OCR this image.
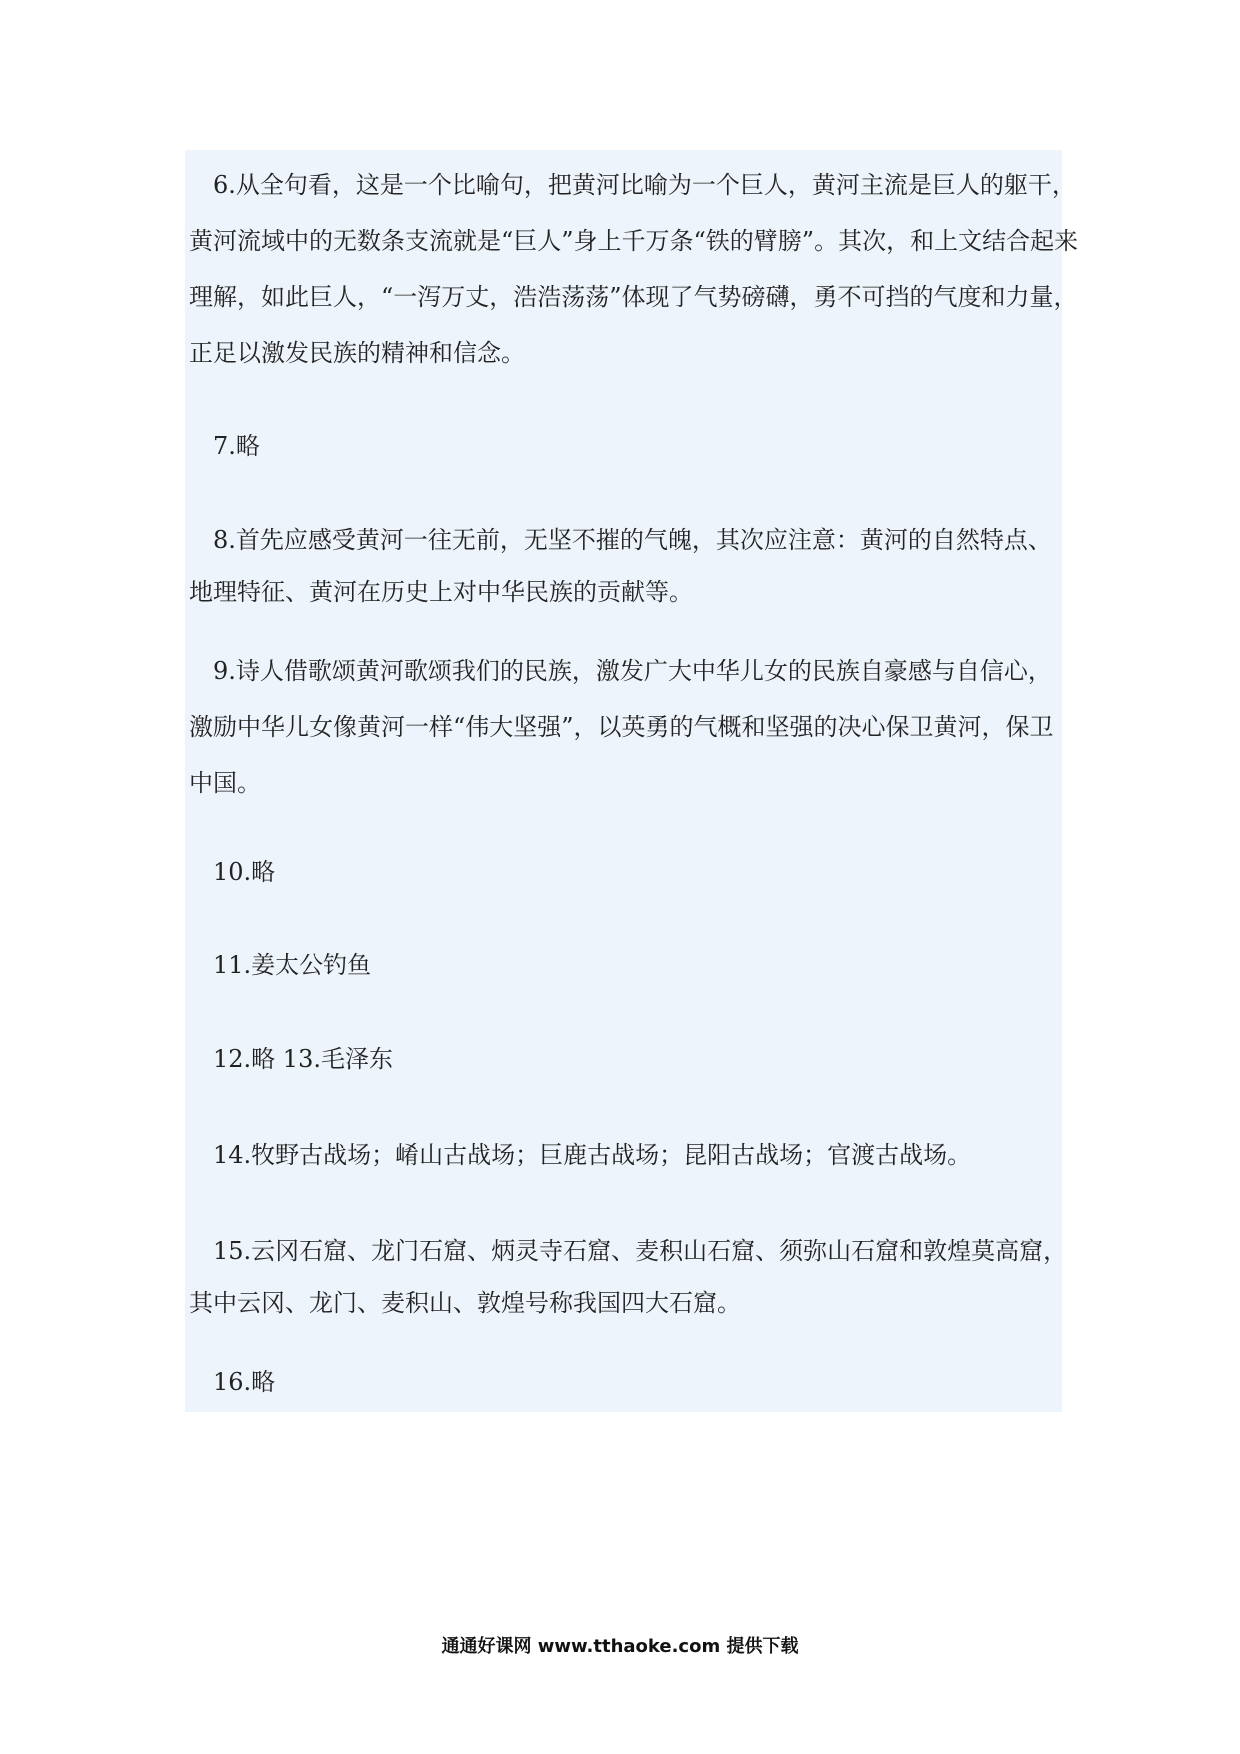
　6.从全句看，这是一个比喻句，把黄河比喻为一个巨人，黄河主流是巨人的躯干，
黄河流域中的无数条支流就是“巨人”身上千万条“铁的臂膀”。其次，和上文结合起来
理解，如此巨人，“一泻万丈，浩浩荡荡”体现了气势磅礴，勇不可挡的气度和力量，
正足以激发民族的精神和信念。
　7.略
　8.首先应感受黄河一往无前，无坚不摧的气魄，其次应注意：黄河的自然特点、
地理特征、黄河在历史上对中华民族的贡献等。
　9.诗人借歌颂黄河歌颂我们的民族，激发广大中华儿女的民族自豪感与自信心，
激励中华儿女像黄河一样“伟大坚强”，以英勇的气概和坚强的决心保卫黄河，保卫
中国。
　10.略
　11.姜太公钓鱼
　12.略 13.毛泽东
　14.牧野古战场；崤山古战场；巨鹿古战场；昆阳古战场；官渡古战场。
　15.云冈石窟、龙门石窟、炳灵寺石窟、麦积山石窟、须弥山石窟和敦煌莫高窟，
其中云冈、龙门、麦积山、敦煌号称我国四大石窟。
　16.略
通通好课网 www.tthaoke.com 提供下载
